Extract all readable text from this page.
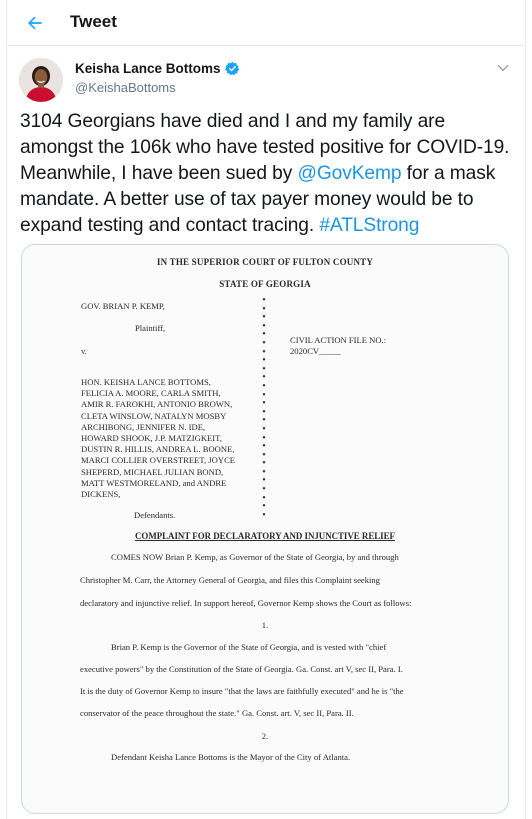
Tweet
Keisha Lance Bottoms
@KeishaBottoms
3104 Georgians have died and I and my family are amongst the 106k who have tested positive for COVID-19. Meanwhile, I have been sued by @GovKemp for a mask mandate. A better use of tax payer money would be to expand testing and contact tracing. #ATLStrong
IN THE SUPERIOR COURT OF FULTON COUNTY
STATE OF GEORGIA
GOV. BRIAN P. KEMP,
Plaintiff,
v.
CIVIL ACTION FILE NO.:
2020CV_____
•
•
•
•
•
•
•
•
•
•
•
•
•
•
•
•
•
•
•
•
•
•
•
•
•
•
HON. KEISHA LANCE BOTTOMS,
FELICIA A. MOORE, CARLA SMITH,
AMIR R. FAROKHI, ANTONIO BROWN,
CLETA WINSLOW, NATALYN MOSBY
ARCHIBONG, JENNIFER N. IDE,
HOWARD SHOOK, J.P. MATZIGKEIT,
DUSTIN R. HILLIS, ANDREA L. BOONE,
MARCI COLLIER OVERSTREET, JOYCE
SHEPERD, MICHAEL JULIAN BOND,
MATT WESTMORELAND, and ANDRE
DICKENS,
Defendants.
COMPLAINT FOR DECLARATORY AND INJUNCTIVE RELIEF
COMES NOW Brian P. Kemp, as Governor of the State of Georgia, by and through
Christopher M. Carr, the Attorney General of Georgia, and files this Complaint seeking
declaratory and injunctive relief. In support hereof, Governor Kemp shows the Court as follows:
1.
Brian P. Kemp is the Governor of the State of Georgia, and is vested with "chief
executive powers" by the Constitution of the State of Georgia. Ga. Const. art V, sec II, Para. I.
It is the duty of Governor Kemp to insure "that the laws are faithfully executed" and he is "the
conservator of the peace throughout the state." Ga. Const. art. V, sec II, Para. II.
2.
Defendant Keisha Lance Bottoms is the Mayor of the City of Atlanta.
